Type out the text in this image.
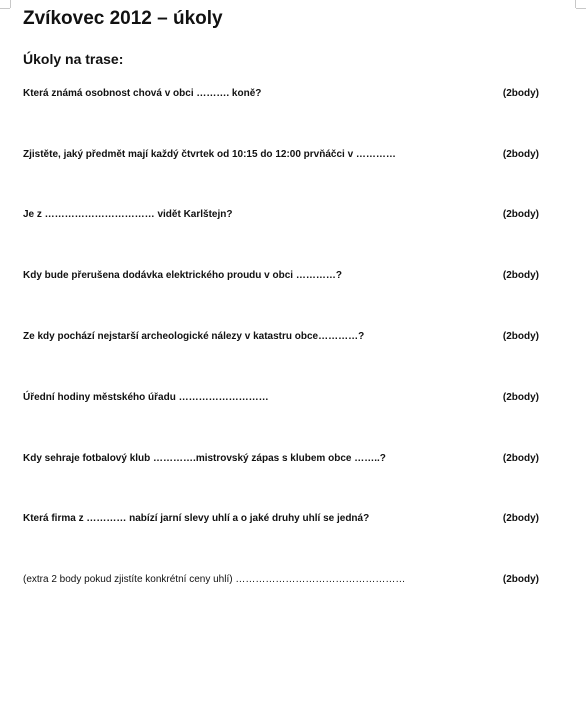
Zvíkovec 2012 – úkoly
Úkoly na trase:
Která známá osobnost chová v obci ………. koně?	(2body)
Zjistěte, jaký předmět mají každý čtvrtek od 10:15 do 12:00 prvňáčci v …………	(2body)
Je z …………………………… vidět Karlštejn?	(2body)
Kdy bude přerušena dodávka elektrického proudu v obci …………?	(2body)
Ze kdy pochází nejstarší archeologické nálezy v katastru obce…………?	(2body)
Úřední hodiny městského úřadu ………………………	(2body)
Kdy sehraje fotbalový klub ………….mistrovský zápas s klubem obce ……..?	(2body)
Která firma z ………… nabízí jarní slevy uhlí a o jaké druhy uhlí se jedná?	(2body)
(extra 2 body pokud zjistíte konkrétní ceny uhlí) ……………………………………………	(2body)
